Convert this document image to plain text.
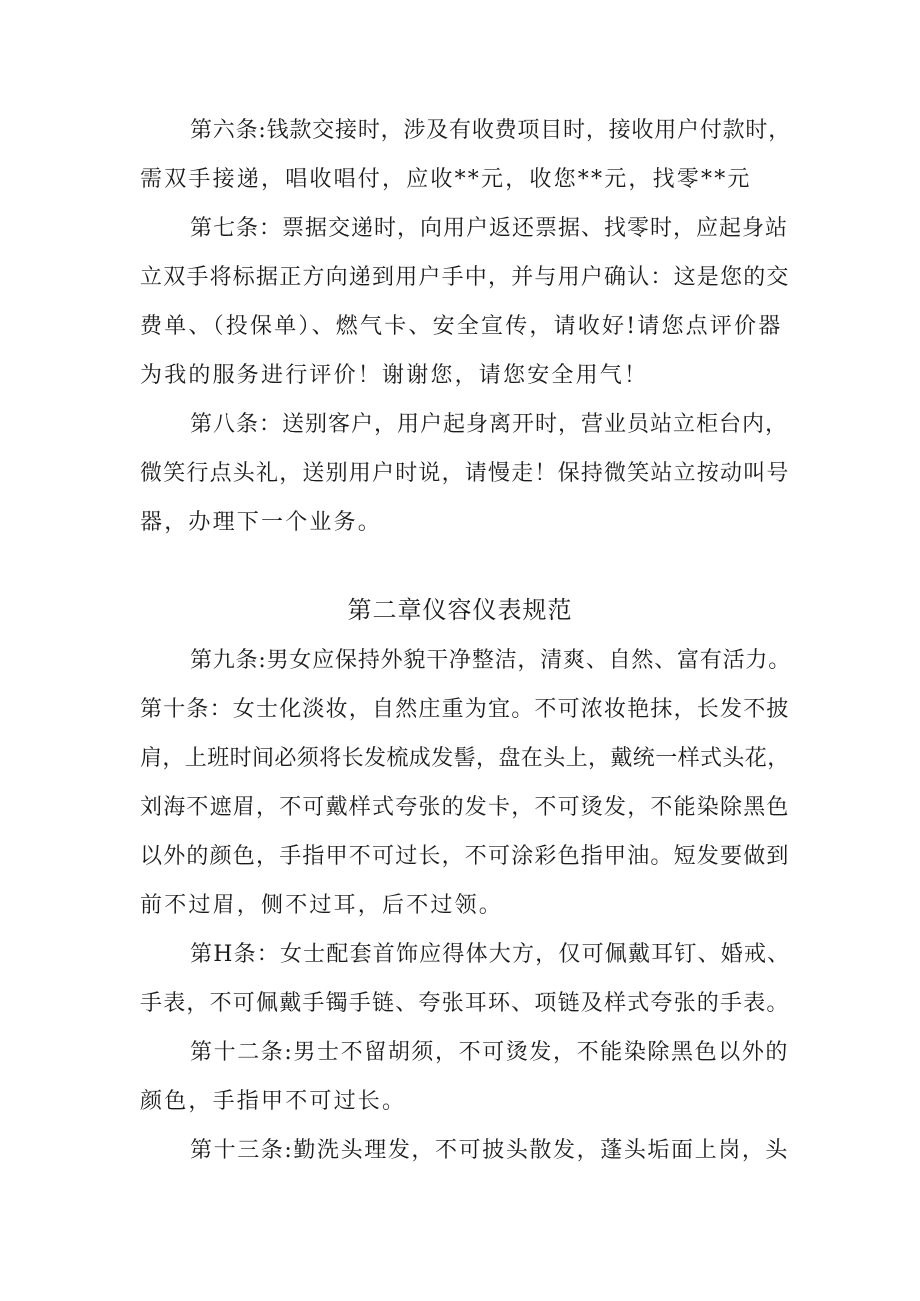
第六条:钱款交接时，涉及有收费项目时，接收用户付款时，

需双手接递，唱收唱付，应收**元，收您**元，找零**元

第七条：票据交递时，向用户返还票据、找零时，应起身站

立双手将标据正方向递到用户手中，并与用户确认：这是您的交

费单、（投保单）、燃气卡、安全宣传，请收好!请您点评价器

为我的服务进行评价！谢谢您，请您安全用气！

第八条：送别客户，用户起身离开时，营业员站立柜台内，

微笑行点头礼，送别用户时说，请慢走！保持微笑站立按动叫号

器，办理下一个业务。

第二章仪容仪表规范

第九条:男女应保持外貌干净整洁，清爽、自然、富有活力。

第十条：女士化淡妆，自然庄重为宜。不可浓妆艳抹，长发不披

肩，上班时间必须将长发梳成发髻，盘在头上，戴统一样式头花，

刘海不遮眉，不可戴样式夸张的发卡，不可烫发，不能染除黑色

以外的颜色，手指甲不可过长，不可涂彩色指甲油。短发要做到

前不过眉，侧不过耳，后不过领。

第H条：女士配套首饰应得体大方，仅可佩戴耳钉、婚戒、

手表，不可佩戴手镯手链、夸张耳环、项链及样式夸张的手表。

第十二条:男士不留胡须，不可烫发，不能染除黑色以外的

颜色，手指甲不可过长。

第十三条:勤洗头理发，不可披头散发，蓬头垢面上岗，头
